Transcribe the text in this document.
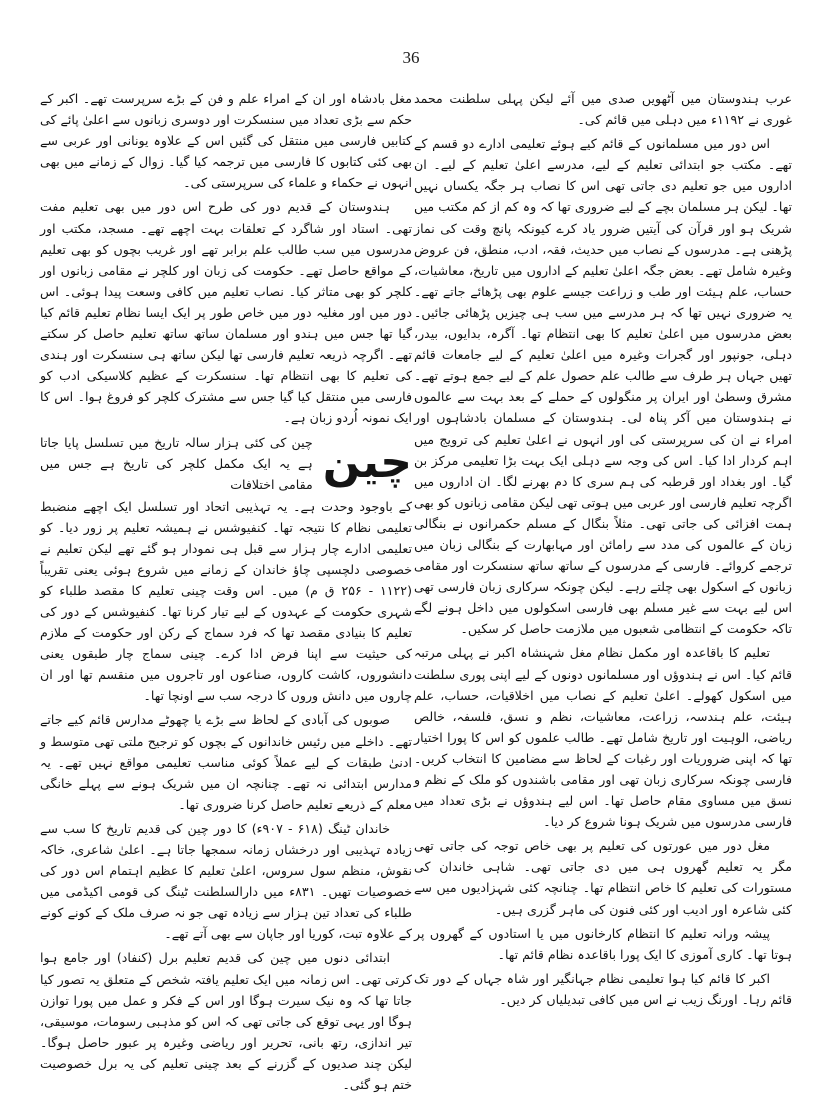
36

عرب ہندوستان میں آٹھویں صدی میں آئے لیکن پہلی سلطنت محمد غوری نے ۱۱۹۲ء میں دہلی میں قائم کی۔

اس دور میں مسلمانوں کے قائم کیے ہوئے تعلیمی ادارے دو قسم کے تھے۔ مکتب جو ابتدائی تعلیم کے لیے، مدرسے اعلیٰ تعلیم کے لیے۔ ان اداروں میں جو تعلیم دی جاتی تھی اس کا نصاب ہر جگہ یکساں نہیں تھا۔ لیکن ہر مسلمان بچے کے لیے ضروری تھا کہ وہ کم از کم مکتب میں شریک ہو اور قرآن کی آیتیں ضرور یاد کرے کیونکہ پانچ وقت کی نماز پڑھنی ہے۔ مدرسوں کے نصاب میں حدیث، فقہ، ادب، منطق، فن عروض وغیرہ شامل تھے۔ بعض جگہ اعلیٰ تعلیم کے اداروں میں تاریخ، معاشیات، حساب، علم ہیئت اور طب و زراعت جیسے علوم بھی پڑھائے جاتے تھے۔ یہ ضروری نہیں تھا کہ ہر مدرسے میں سب ہی چیزیں پڑھائی جائیں۔ بعض مدرسوں میں اعلیٰ تعلیم کا بھی انتظام تھا۔ آگرہ، بدایوں، بیدر، دہلی، جونپور اور گجرات وغیرہ میں اعلیٰ تعلیم کے لیے جامعات قائم تھیں جہاں ہر طرف سے طالب علم حصول علم کے لیے جمع ہوتے تھے۔ مشرق وسطیٰ اور ایران پر منگولوں کے حملے کے بعد بہت سے عالموں نے ہندوستان میں آکر پناہ لی۔ ہندوستان کے مسلمان بادشاہوں اور امراء نے ان کی سرپرستی کی اور انہوں نے اعلیٰ تعلیم کی ترویج میں اہم کردار ادا کیا۔ اس کی وجہ سے دہلی ایک بہت بڑا تعلیمی مرکز بن گیا۔ اور بغداد اور قرطبہ کی ہم سری کا دم بھرنے لگا۔ ان اداروں میں اگرچہ تعلیم فارسی اور عربی میں ہوتی تھی لیکن مقامی زبانوں کو بھی ہمت افزائی کی جاتی تھی۔ مثلاً بنگال کے مسلم حکمرانوں نے بنگالی زبان کے عالموں کی مدد سے رامائن اور مہابھارت کے بنگالی زبان میں ترجمے کروائے۔ فارسی کے مدرسوں کے ساتھ ساتھ سنسکرت اور مقامی زبانوں کے اسکول بھی چلتے رہے۔ لیکن چونکہ سرکاری زبان فارسی تھی اس لیے بہت سے غیر مسلم بھی فارسی اسکولوں میں داخل ہونے لگے تاکہ حکومت کے انتظامی شعبوں میں ملازمت حاصل کر سکیں۔

تعلیم کا باقاعدہ اور مکمل نظام مغل شہنشاہ اکبر نے پہلی مرتبہ قائم کیا۔ اس نے ہندوؤں اور مسلمانوں دونوں کے لیے اپنی پوری سلطنت میں اسکول کھولے۔ اعلیٰ تعلیم کے نصاب میں اخلاقیات، حساب، علم ہیئت، علم ہندسہ، زراعت، معاشیات، نظم و نسق، فلسفہ، خالص ریاضی، الوہیت اور تاریخ شامل تھے۔ طالب علموں کو اس کا پورا اختیار تھا کہ اپنی ضروریات اور رغبات کے لحاظ سے مضامین کا انتخاب کریں۔ فارسی چونکہ سرکاری زبان تھی اور مقامی باشندوں کو ملک کے نظم و نسق میں مساوی مقام حاصل تھا۔ اس لیے ہندوؤں نے بڑی تعداد میں فارسی مدرسوں میں شریک ہونا شروع کر دیا۔

مغل دور میں عورتوں کی تعلیم پر بھی خاص توجہ کی جاتی تھی مگر یہ تعلیم گھروں ہی میں دی جاتی تھی۔ شاہی خاندان کی مستورات کی تعلیم کا خاص انتظام تھا۔ چنانچہ کئی شہزادیوں میں سے کئی شاعرہ اور ادیب اور کئی فنون کی ماہر گزری ہیں۔

پیشہ ورانہ تعلیم کا انتظام کارخانوں میں یا استادوں کے گھروں پر ہوتا تھا۔ کاری آموزی کا ایک پورا باقاعدہ نظام قائم تھا۔

اکبر کا قائم کیا ہوا تعلیمی نظام جہانگیر اور شاہ جہاں کے دور تک قائم رہا۔ اورنگ زیب نے اس میں کافی تبدیلیاں کر دیں۔

مغل بادشاہ اور ان کے امراء علم و فن کے بڑے سرپرست تھے۔ اکبر کے حکم سے بڑی تعداد میں سنسکرت اور دوسری زبانوں سے اعلیٰ پائے کی کتابیں فارسی میں منتقل کی گئیں اس کے علاوہ یونانی اور عربی سے بھی کئی کتابوں کا فارسی میں ترجمہ کیا گیا۔ زوال کے زمانے میں بھی انہوں نے حکماء و علماء کی سرپرستی کی۔

ہندوستان کے قدیم دور کی طرح اس دور میں بھی تعلیم مفت تھی۔ استاد اور شاگرد کے تعلقات بہت اچھے تھے۔ مسجد، مکتب اور مدرسوں میں سب طالب علم برابر تھے اور غریب بچوں کو بھی تعلیم کے مواقع حاصل تھے۔ حکومت کی زبان اور کلچر نے مقامی زبانوں اور کلچر کو بھی متاثر کیا۔ نصاب تعلیم میں کافی وسعت پیدا ہوئی۔ اس دور میں اور مغلیہ دور میں خاص طور پر ایک ایسا نظام تعلیم قائم کیا گیا تھا جس میں ہندو اور مسلمان ساتھ ساتھ تعلیم حاصل کر سکتے تھے۔ اگرچہ ذریعہ تعلیم فارسی تھا لیکن ساتھ ہی سنسکرت اور ہندی کی تعلیم کا بھی انتظام تھا۔ سنسکرت کے عظیم کلاسیکی ادب کو فارسی میں منتقل کیا گیا جس سے مشترک کلچر کو فروغ ہوا۔ اس کا ایک نمونہ اُردو زبان ہے۔

چین
چین کی کئی ہزار سالہ تاریخ میں تسلسل پایا جاتا ہے یہ ایک مکمل کلچر کی تاریخ ہے جس میں مقامی اختلافات

کے باوجود وحدت ہے۔ یہ تہذیبی اتحاد اور تسلسل ایک اچھے منضبط تعلیمی نظام کا نتیجہ تھا۔ کنفیوشس نے ہمیشہ تعلیم پر زور دیا۔ کو تعلیمی ادارے چار ہزار سے قبل ہی نمودار ہو گئے تھے لیکن تعلیم نے خصوصی دلچسپی چاؤ خاندان کے زمانے میں شروع ہوئی یعنی تقریباً (۱۱۲۲ - ۲۵۶ ق م) میں۔ اس وقت چینی تعلیم کا مقصد طلباء کو شہری حکومت کے عہدوں کے لیے تیار کرنا تھا۔ کنفیوشس کے دور کی تعلیم کا بنیادی مقصد تھا کہ فرد سماج کے رکن اور حکومت کے ملازم کی حیثیت سے اپنا فرض ادا کرے۔ چینی سماج چار طبقوں یعنی دانشوروں، کاشت کاروں، صناعوں اور تاجروں میں منقسم تھا اور ان چاروں میں دانش وروں کا درجہ سب سے اونچا تھا۔

صوبوں کی آبادی کے لحاظ سے بڑے یا چھوٹے مدارس قائم کیے جاتے تھے۔ داخلے میں رئیس خاندانوں کے بچوں کو ترجیح ملتی تھی متوسط و ادنیٰ طبقات کے لیے عملاً کوئی مناسب تعلیمی مواقع نہیں تھے۔ یہ مدارس ابتدائی نہ تھے۔ چنانچہ ان میں شریک ہونے سے پہلے خانگی معلم کے ذریعے تعلیم حاصل کرنا ضروری تھا۔

خاندان ٹینگ (۶۱۸ - ۹۰۷ء) کا دور چین کی قدیم تاریخ کا سب سے زیادہ تہذیبی اور درخشاں زمانہ سمجھا جاتا ہے۔ اعلیٰ شاعری، خاکہ نقوش، منظم سول سروس، اعلیٰ تعلیم کا عظیم اہتمام اس دور کی خصوصیات تھیں۔ ۸۳۱ء میں دارالسلطنت ٹینگ کی قومی اکیڈمی میں طلباء کی تعداد تین ہزار سے زیادہ تھی جو نہ صرف ملک کے کونے کونے کے علاوہ تبت، کوریا اور جاپان سے بھی آتے تھے۔

ابتدائی دنوں میں چین کی قدیم تعلیم برل (کنفاد) اور جامع ہوا کرتی تھی۔ اس زمانہ میں ایک تعلیم یافتہ شخص کے متعلق یہ تصور کیا جاتا تھا کہ وہ نیک سیرت ہوگا اور اس کے فکر و عمل میں پورا توازن ہوگا اور یہی توقع کی جاتی تھی کہ اس کو مذہبی رسومات، موسیقی، تیر اندازی، رتھ بانی، تحریر اور ریاضی وغیرہ پر عبور حاصل ہوگا۔ لیکن چند صدیوں کے گزرنے کے بعد چینی تعلیم کی یہ برل خصوصیت ختم ہو گئی۔
